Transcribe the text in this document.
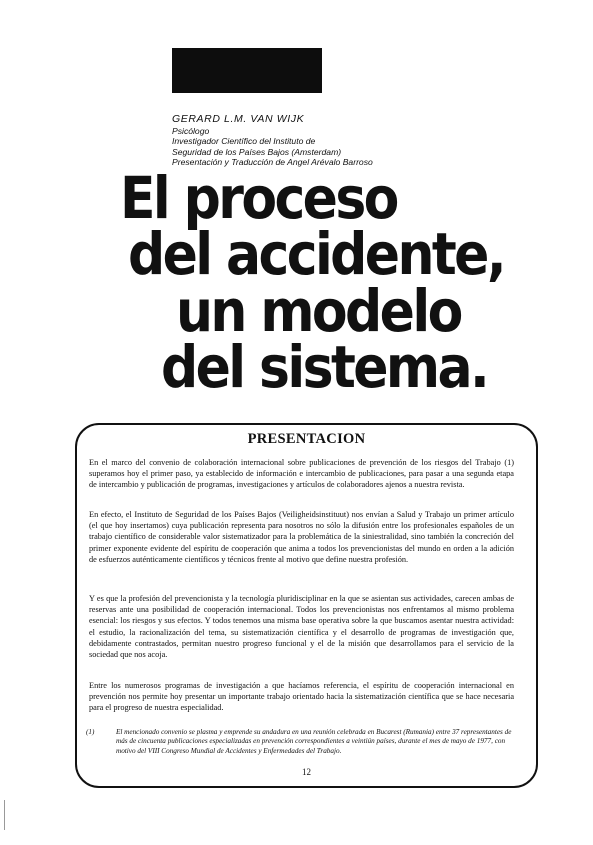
GERARD L.M. VAN WIJK
Psicólogo
Investigador Científico del Instituto de
Seguridad de los Países Bajos (Amsterdam)
Presentación y Traducción de Angel Arévalo Barroso
El proceso
del accidente,
un modelo
del sistema.
PRESENTACION
En el marco del convenio de colaboración internacional sobre publicaciones de prevención de los riesgos del Trabajo (1) superamos hoy el primer paso, ya establecido de información e intercambio de publicaciones, para pasar a una segunda etapa de intercambio y publicación de programas, investigaciones y artículos de colaboradores ajenos a nuestra revista.
En efecto, el Instituto de Seguridad de los Países Bajos (Veiligheidsinstituut) nos envían a Salud y Trabajo un primer artículo (el que hoy insertamos) cuya publicación representa para nosotros no sólo la difusión entre los profesionales españoles de un trabajo científico de considerable valor sistematizador para la problemática de la siniestralidad, sino también la concreción del primer exponente evidente del espíritu de cooperación que anima a todos los prevencionistas del mundo en orden a la adición de esfuerzos auténticamente científicos y técnicos frente al motivo que define nuestra profesión.
Y es que la profesión del prevencionista y la tecnología pluridisciplinar en la que se asientan sus actividades, carecen ambas de reservas ante una posibilidad de cooperación internacional. Todos los prevencionistas nos enfrentamos al mismo problema esencial: los riesgos y sus efectos. Y todos tenemos una misma base operativa sobre la que buscamos asentar nuestra actividad: el estudio, la racionalización del tema, su sistematización científica y el desarrollo de programas de investigación que, debidamente contrastados, permitan nuestro progreso funcional y el de la misión que desarrollamos para el servicio de la sociedad que nos acoja.
Entre los numerosos programas de investigación a que hacíamos referencia, el espíritu de cooperación internacional en prevención nos permite hoy presentar un importante trabajo orientado hacia la sistematización científica que se hace necesaria para el progreso de nuestra especialidad.
(1)	El mencionado convenio se plasma y emprende su andadura en una reunión celebrada en Bucarest (Rumania) entre 37 representantes de más de cincuenta publicaciones especializadas en prevención correspondientes a veintiún países, durante el mes de mayo de 1977, con motivo del VIII Congreso Mundial de Accidentes y Enfermedades del Trabajo.
12
